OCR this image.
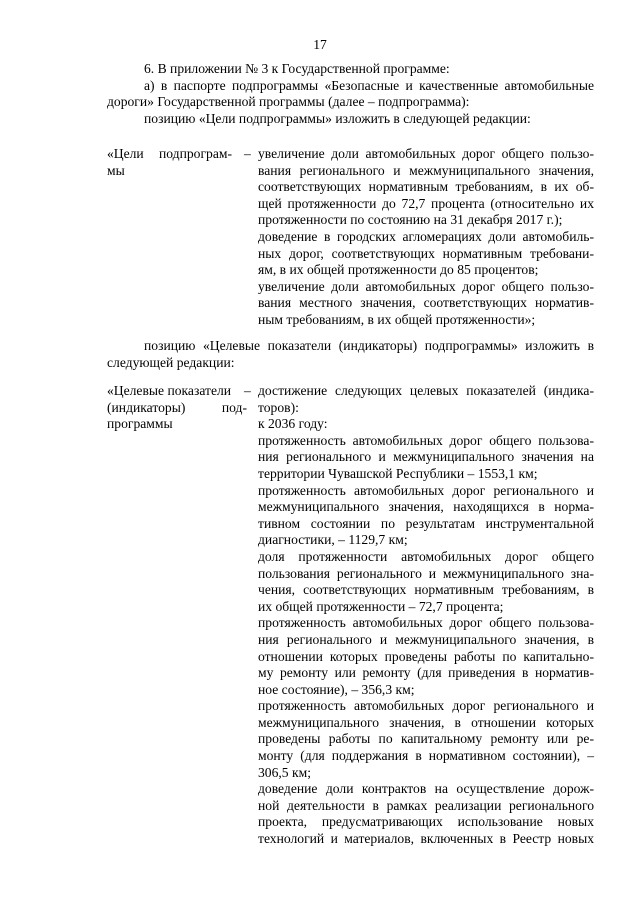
17
6. В приложении № 3 к Государственной программе:
а) в паспорте подпрограммы «Безопасные и качественные автомобильные
дороги» Государственной программы (далее – подпрограмма):
позицию «Цели подпрограммы» изложить в следующей редакции:
«Цели подпрограм-
мы
– увеличение доли автомобильных дорог общего пользо-
вания регионального и межмуниципального значения,
соответствующих нормативным требованиям, в их об-
щей протяженности до 72,7 процента (относительно их
протяженности по состоянию на 31 декабря 2017 г.);
доведение в городских агломерациях доли автомобиль-
ных дорог, соответствующих нормативным требовани-
ям, в их общей протяженности до 85 процентов;
увеличение доли автомобильных дорог общего пользо-
вания местного значения, соответствующих норматив-
ным требованиям, в их общей протяженности»;
позицию «Целевые показатели (индикаторы) подпрограммы» изложить в
следующей редакции:
«Целевые показатели
(индикаторы)	под-
программы
– достижение следующих целевых показателей (индика-
торов):
к 2036 году:
протяженность автомобильных дорог общего пользова-
ния регионального и межмуниципального значения на
территории Чувашской Республики – 1553,1 км;
протяженность автомобильных дорог регионального и
межмуниципального значения, находящихся в норма-
тивном состоянии по результатам инструментальной
диагностики, – 1129,7 км;
доля протяженности автомобильных дорог общего
пользования регионального и межмуниципального зна-
чения, соответствующих нормативным требованиям, в
их общей протяженности – 72,7 процента;
протяженность автомобильных дорог общего пользова-
ния регионального и межмуниципального значения, в
отношении которых проведены работы по капитально-
му ремонту или ремонту (для приведения в норматив-
ное состояние), – 356,3 км;
протяженность автомобильных дорог регионального и
межмуниципального значения, в отношении которых
проведены работы по капитальному ремонту или ре-
монту (для поддержания в нормативном состоянии), –
306,5 км;
доведение доли контрактов на осуществление дорож-
ной деятельности в рамках реализации регионального
проекта, предусматривающих использование новых
технологий и материалов, включенных в Реестр новых
